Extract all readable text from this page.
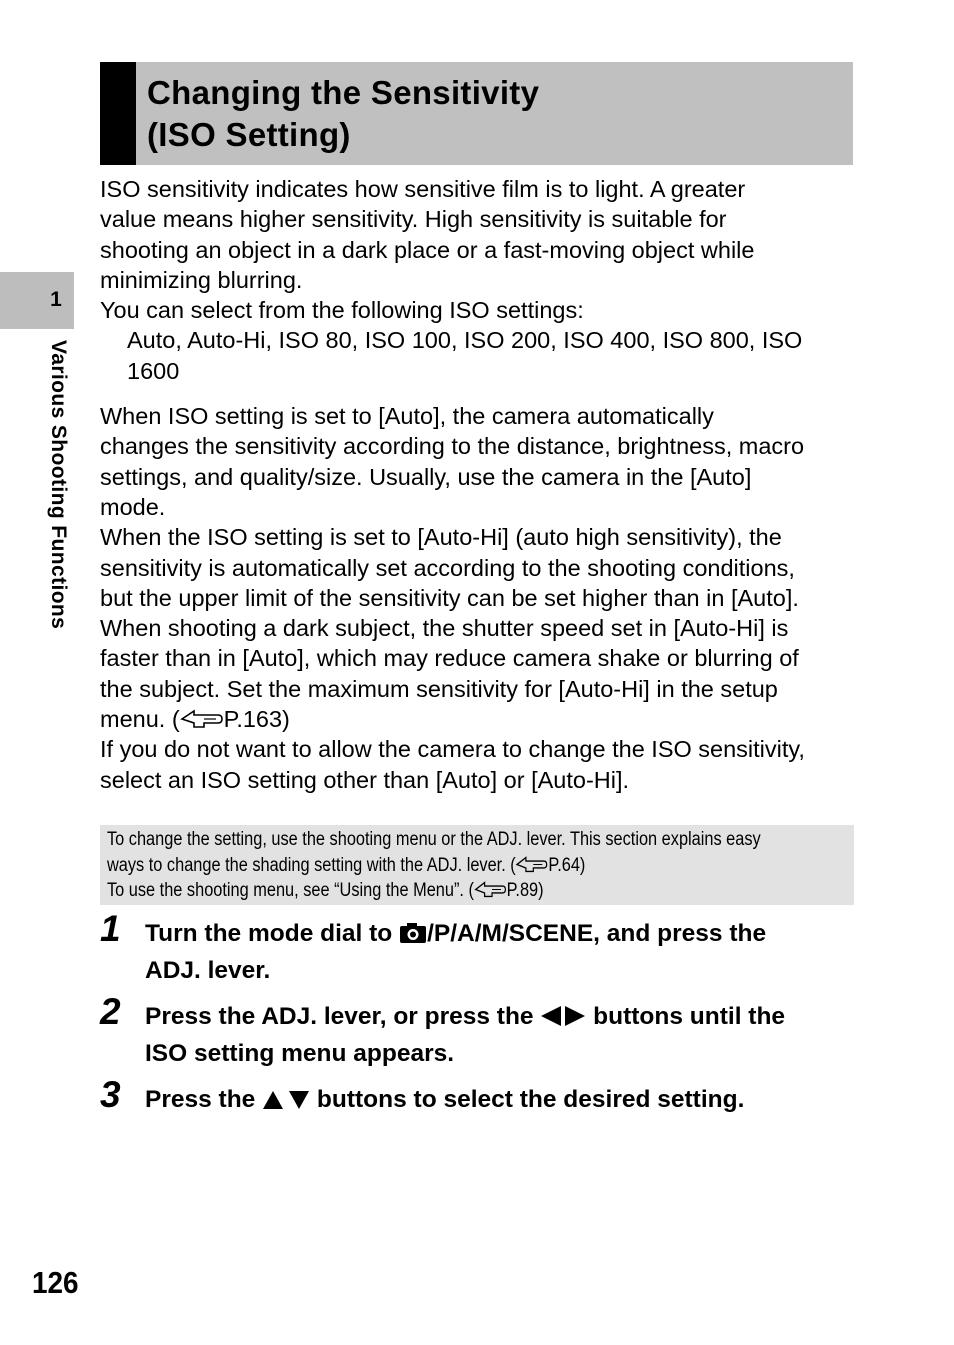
1
Various Shooting Functions
Changing the Sensitivity
(ISO Setting)

ISO sensitivity indicates how sensitive film is to light. A greater

value means higher sensitivity. High sensitivity is suitable for

shooting an object in a dark place or a fast-moving object while

minimizing blurring.

You can select from the following ISO settings:

Auto, Auto-Hi, ISO 80, ISO 100, ISO 200, ISO 400, ISO 800, ISO

1600

When ISO setting is set to [Auto], the camera automatically

changes the sensitivity according to the distance, brightness, macro

settings, and quality/size. Usually, use the camera in the [Auto]

mode.

When the ISO setting is set to [Auto-Hi] (auto high sensitivity), the

sensitivity is automatically set according to the shooting conditions,

but the upper limit of the sensitivity can be set higher than in [Auto].

When shooting a dark subject, the shutter speed set in [Auto-Hi] is

faster than in [Auto], which may reduce camera shake or blurring of

the subject. Set the maximum sensitivity for [Auto-Hi] in the setup

menu. ( P.163)

If you do not want to allow the camera to change the ISO sensitivity,

select an ISO setting other than [Auto] or [Auto-Hi].

To change the setting, use the shooting menu or the ADJ. lever. This section explains easy

ways to change the shading setting with the ADJ. lever. ( P.64)

To use the shooting menu, see “Using the Menu”. ( P.89)

1 Turn the mode dial to /P/A/M/SCENE, and press the
ADJ. lever.
2 Press the ADJ. lever, or press the  buttons until the
ISO setting menu appears.
3 Press the  buttons to select the desired setting.
126
